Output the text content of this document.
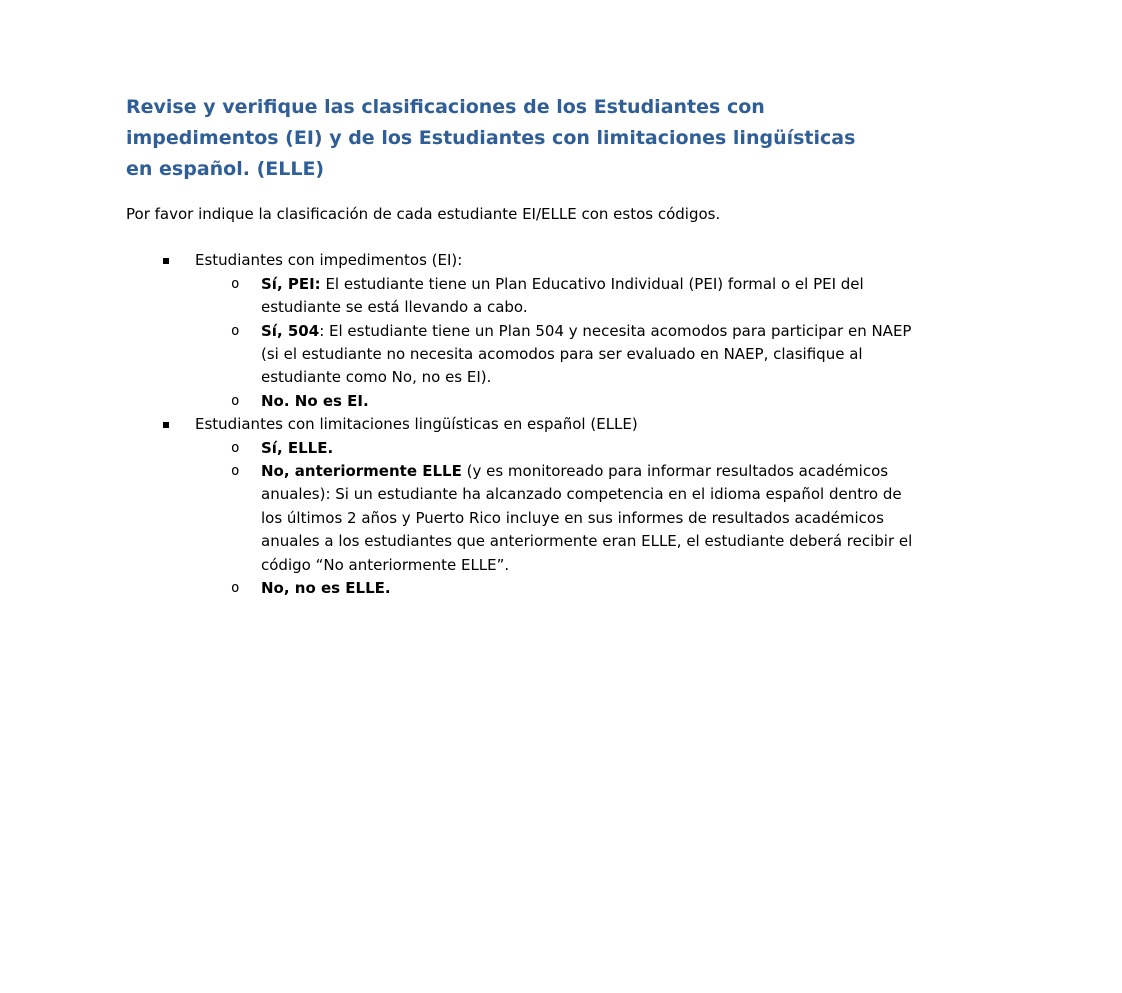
Revise y verifique las clasificaciones de los Estudiantes con
impedimentos (EI) y de los Estudiantes con limitaciones lingüísticas
en español. (ELLE)

Por favor indique la clasificación de cada estudiante EI/ELLE con estos códigos.

Estudiantes con impedimentos (EI):
o Sí, PEI: El estudiante tiene un Plan Educativo Individual (PEI) formal o el PEI del
estudiante se está llevando a cabo.
o Sí, 504: El estudiante tiene un Plan 504 y necesita acomodos para participar en NAEP
(si el estudiante no necesita acomodos para ser evaluado en NAEP, clasifique al
estudiante como No, no es EI).
o No. No es EI.
Estudiantes con limitaciones lingüísticas en español (ELLE)
o Sí, ELLE.
o No, anteriormente ELLE (y es monitoreado para informar resultados académicos
anuales): Si un estudiante ha alcanzado competencia en el idioma español dentro de
los últimos 2 años y Puerto Rico incluye en sus informes de resultados académicos
anuales a los estudiantes que anteriormente eran ELLE, el estudiante deberá recibir el
código “No anteriormente ELLE”.
o No, no es ELLE.
